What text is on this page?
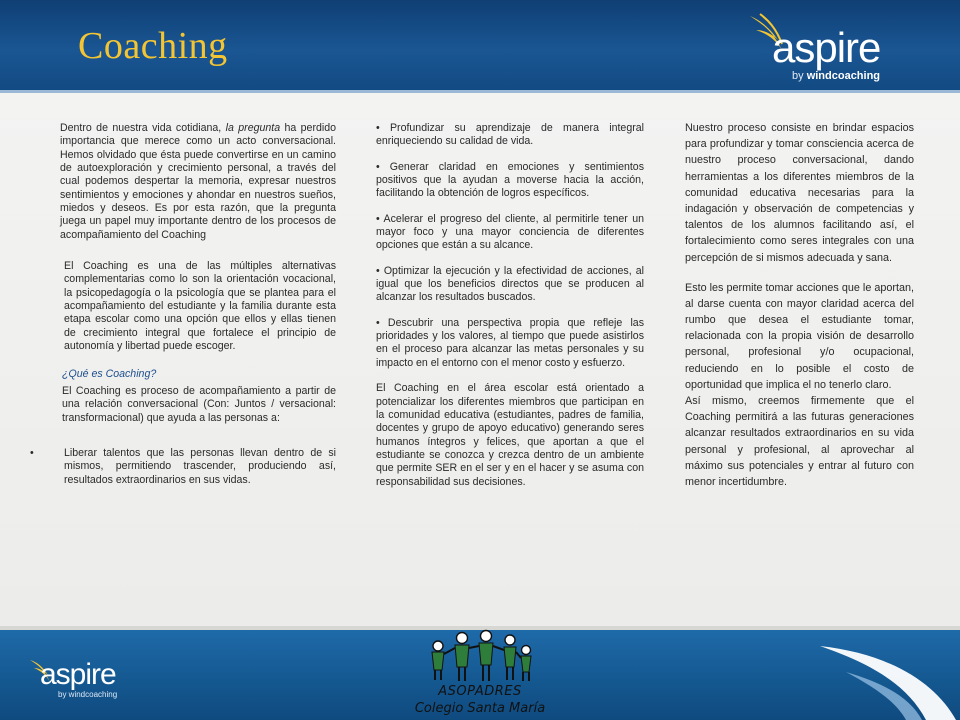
Coaching	aspire
by windcoaching

Dentro de nuestra vida cotidiana, la pregunta ha perdido importancia que merece como un acto conversacional. Hemos olvidado que ésta puede convertirse en un camino de autoexploración y crecimiento personal, a través del cual podemos despertar la memoria, expresar nuestros sentimientos y emociones y ahondar en nuestros sueños, miedos y deseos. Es por esta razón, que la pregunta juega un papel muy importante dentro de los procesos de acompañamiento del Coaching

El Coaching es una de las múltiples alternativas complementarias como lo son la orientación vocacional, la psicopedagogía o la psicología que se plantea para el acompañamiento del estudiante y la familia durante esta etapa escolar como una opción que ellos y ellas tienen de crecimiento integral que fortalece el principio de autonomía y libertad puede escoger.

¿Qué es Coaching?

El Coaching es proceso de acompañamiento a partir de una relación conversacional (Con: Juntos / versacional: transformacional) que ayuda a las personas a:

•	Liberar talentos que las personas llevan dentro de si mismos, permitiendo trascender, produciendo así, resultados extraordinarios en sus vidas.

• Profundizar su aprendizaje de manera integral enriqueciendo su calidad de vida.

• Generar claridad en emociones y sentimientos positivos que la ayudan a moverse hacia la acción, facilitando la obtención de logros específicos.

• Acelerar el progreso del cliente, al permitirle tener un mayor foco y una mayor conciencia de diferentes opciones que están a su alcance.

• Optimizar la ejecución y la efectividad de acciones, al igual que los beneficios directos que se producen al alcanzar los resultados buscados.

• Descubrir una perspectiva propia que refleje las prioridades y los valores, al tiempo que puede asistirlos en el proceso para alcanzar las metas personales y su impacto en el entorno con el menor costo y esfuerzo.

El Coaching en el área escolar está orientado a potencializar los diferentes miembros que participan en la comunidad educativa (estudiantes, padres de familia, docentes y grupo de apoyo educativo) generando seres humanos íntegros y felices, que aportan a que el estudiante se conozca y crezca dentro de un ambiente que permite SER en el ser y en el hacer y se asuma con responsabilidad sus decisiones.

Nuestro proceso consiste en brindar espacios para profundizar y tomar consciencia acerca de nuestro proceso conversacional, dando herramientas a los diferentes miembros de la comunidad educativa necesarias para la indagación y observación de competencias y talentos de los alumnos facilitando así, el fortalecimiento como seres integrales con una percepción de si mismos adecuada y sana.

Esto les permite tomar acciones que le aportan, al darse cuenta con mayor claridad acerca del rumbo que desea el estudiante tomar, relacionada con la propia visión de desarrollo personal, profesional y/o ocupacional, reduciendo en lo posible el costo de oportunidad que implica el no tenerlo claro.

Así mismo, creemos firmemente que el Coaching permitirá a las futuras generaciones alcanzar resultados extraordinarios en su vida personal y profesional, al aprovechar al máximo sus potenciales y entrar al futuro con menor incertidumbre.

aspire
by windcoaching	ASOPADRES
Colegio Santa María
